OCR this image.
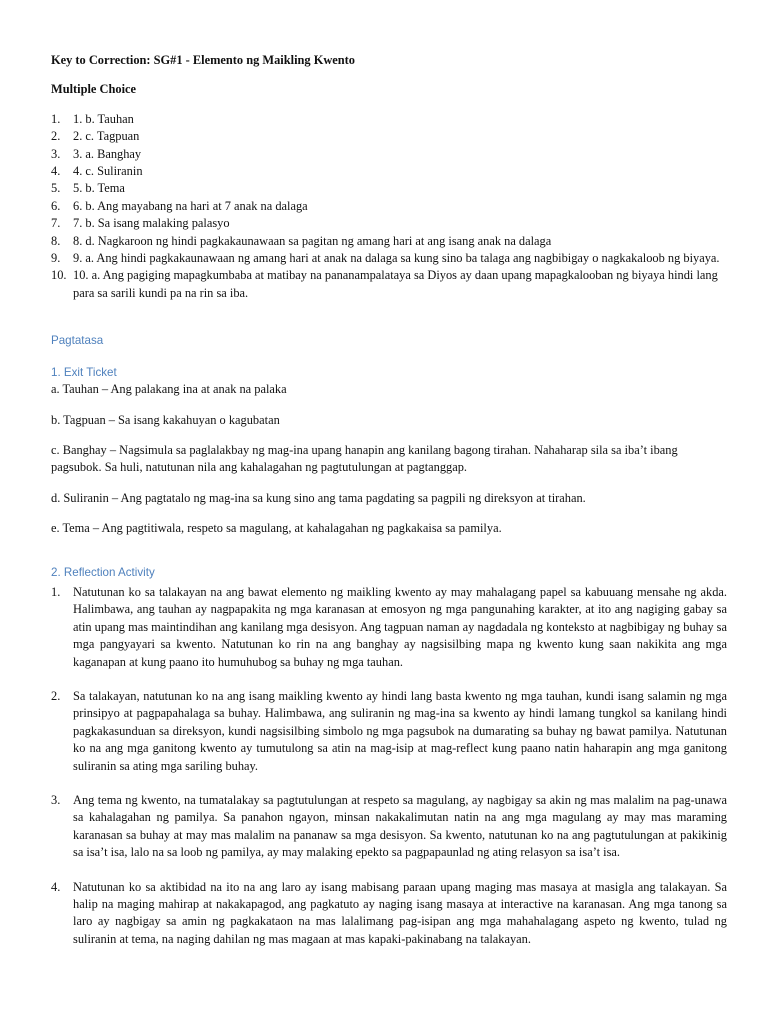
Key to Correction: SG#1 - Elemento ng Maikling Kwento

Multiple Choice

1. 1. b. Tauhan
2. 2. c. Tagpuan
3. 3. a. Banghay
4. 4. c. Suliranin
5. 5. b. Tema
6. 6. b. Ang mayabang na hari at 7 anak na dalaga
7. 7. b. Sa isang malaking palasyo
8. 8. d. Nagkaroon ng hindi pagkakaunawaan sa pagitan ng amang hari at ang isang anak na dalaga
9. 9. a. Ang hindi pagkakaunawaan ng amang hari at anak na dalaga sa kung sino ba talaga ang nagbibigay o nagkakaloob ng biyaya.
10. 10. a. Ang pagiging mapagkumbaba at matibay na pananampalataya sa Diyos ay daan upang mapagkalooban ng biyaya hindi lang para sa sarili kundi pa na rin sa iba.

Pagtatasa

1. Exit Ticket

a. Tauhan – Ang palakang ina at anak na palaka

b. Tagpuan – Sa isang kakahuyan o kagubatan

c. Banghay – Nagsimula sa paglalakbay ng mag-ina upang hanapin ang kanilang bagong tirahan. Nahaharap sila sa iba’t ibang pagsubok. Sa huli, natutunan nila ang kahalagahan ng pagtutulungan at pagtanggap.

d. Suliranin – Ang pagtatalo ng mag-ina sa kung sino ang tama pagdating sa pagpili ng direksyon at tirahan.

e. Tema – Ang pagtitiwala, respeto sa magulang, at kahalagahan ng pagkakaisa sa pamilya.

2. Reflection Activity

1. Natutunan ko sa talakayan na ang bawat elemento ng maikling kwento ay may mahalagang papel sa kabuuang mensahe ng akda. Halimbawa, ang tauhan ay nagpapakita ng mga karanasan at emosyon ng mga pangunahing karakter, at ito ang nagiging gabay sa atin upang mas maintindihan ang kanilang mga desisyon. Ang tagpuan naman ay nagdadala ng konteksto at nagbibigay ng buhay sa mga pangyayari sa kwento. Natutunan ko rin na ang banghay ay nagsisilbing mapa ng kwento kung saan nakikita ang mga kaganapan at kung paano ito humuhubog sa buhay ng mga tauhan.
2. Sa talakayan, natutunan ko na ang isang maikling kwento ay hindi lang basta kwento ng mga tauhan, kundi isang salamin ng mga prinsipyo at pagpapahalaga sa buhay. Halimbawa, ang suliranin ng mag-ina sa kwento ay hindi lamang tungkol sa kanilang hindi pagkakasunduan sa direksyon, kundi nagsisilbing simbolo ng mga pagsubok na dumarating sa buhay ng bawat pamilya. Natutunan ko na ang mga ganitong kwento ay tumutulong sa atin na mag-isip at mag-reflect kung paano natin haharapin ang mga ganitong suliranin sa ating mga sariling buhay.
3. Ang tema ng kwento, na tumatalakay sa pagtutulungan at respeto sa magulang, ay nagbigay sa akin ng mas malalim na pag-unawa sa kahalagahan ng pamilya. Sa panahon ngayon, minsan nakakalimutan natin na ang mga magulang ay may mas maraming karanasan sa buhay at may mas malalim na pananaw sa mga desisyon. Sa kwento, natutunan ko na ang pagtutulungan at pakikinig sa isa’t isa, lalo na sa loob ng pamilya, ay may malaking epekto sa pagpapaunlad ng ating relasyon sa isa’t isa.
4. Natutunan ko sa aktibidad na ito na ang laro ay isang mabisang paraan upang maging mas masaya at masigla ang talakayan. Sa halip na maging mahirap at nakakapagod, ang pagkatuto ay naging isang masaya at interactive na karanasan. Ang mga tanong sa laro ay nagbigay sa amin ng pagkakataon na mas lalalimang pag-isipan ang mga mahahalagang aspeto ng kwento, tulad ng suliranin at tema, na naging dahilan ng mas magaan at mas kapaki-pakinabang na talakayan.
